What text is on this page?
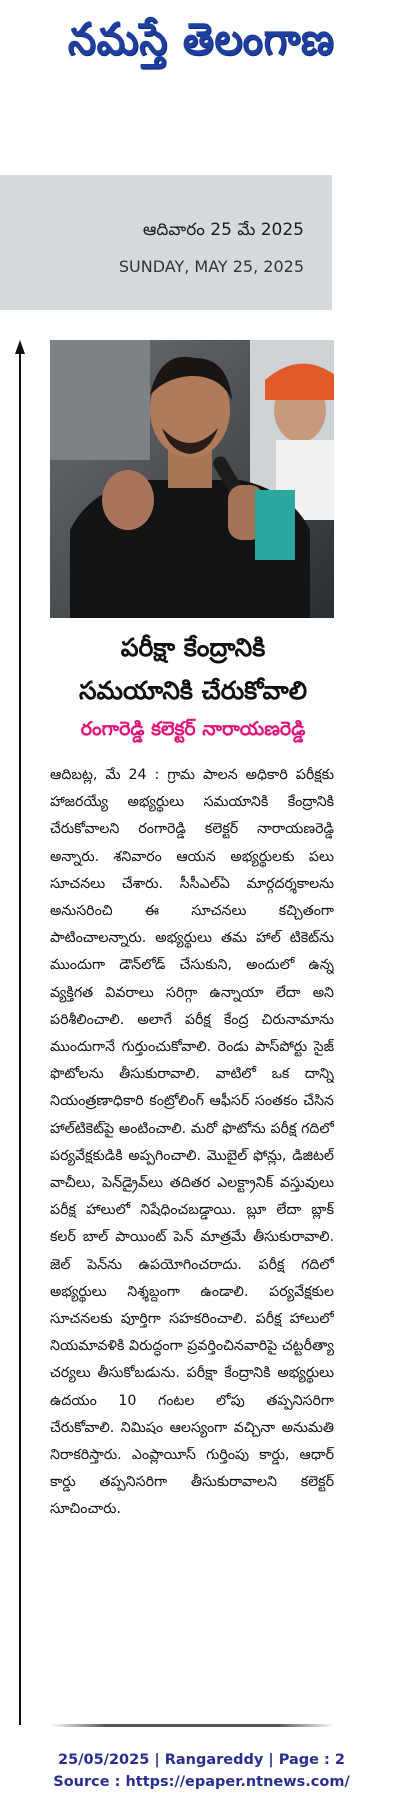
నమస్తే తెలంగాణ
ఆదివారం 25 మే 2025
SUNDAY, MAY 25, 2025
పరీక్షా కేంద్రానికి
సమయానికి చేరుకోవాలి
రంగారెడ్డి కలెక్టర్ నారాయణరెడ్డి
ఆదిబట్ల, మే 24 : గ్రామ పాలన అధికారి పరీక్షకు హాజరయ్యే అభ్యర్థులు సమయానికి కేంద్రానికి చేరుకోవాలని రంగారెడ్డి కలెక్టర్ నారాయణరెడ్డి అన్నారు. శనివారం ఆయన అభ్యర్థులకు పలు సూచనలు చేశారు. సీసీఎల్ఏ మార్గదర్శకాలను అనుసరించి ఈ సూచనలు కచ్చితంగా పాటించాలన్నారు. అభ్యర్థులు తమ హాల్ టికెట్‌ను ముందుగా డౌన్‌లోడ్ చేసుకుని, అందులో ఉన్న వ్యక్తిగత వివరాలు సరిగ్గా ఉన్నాయా లేదా అని పరిశీలించాలి. అలాగే పరీక్ష కేంద్ర చిరునామాను ముందుగానే గుర్తుంచుకోవాలి. రెండు పాస్‌పోర్టు సైజ్ ఫొటోలను తీసుకురావాలి. వాటిలో ఒక దాన్ని నియంత్రణాధికారి కంట్రోలింగ్ ఆఫీసర్ సంతకం చేసిన హాల్‌టికెట్‌పై అంటించాలి. మరో ఫొటోను పరీక్ష గదిలో పర్యవేక్షకుడికి అప్పగించాలి. మొబైల్ ఫోన్లు, డిజిటల్ వాచీలు, పెన్‌డ్రైవ్‌లు తదితర ఎలక్ట్రానిక్ వస్తువులు పరీక్ష హాలులో నిషేధించబడ్డాయి. బ్లూ లేదా బ్లాక్ కలర్ బాల్ పాయింట్ పెన్ మాత్రమే తీసుకురావాలి. జెల్ పెన్‌ను ఉపయోగించరాదు. పరీక్ష గదిలో అభ్యర్థులు నిశ్శబ్దంగా ఉండాలి. పర్యవేక్షకుల సూచనలకు పూర్తిగా సహకరించాలి. పరీక్ష హాలులో నియమావళికి విరుద్ధంగా ప్రవర్తించినవారిపై చట్టరీత్యా చర్యలు తీసుకోబడును. పరీక్షా కేంద్రానికి అభ్యర్థులు ఉదయం 10 గంటల లోపు తప్పనిసరిగా చేరుకోవాలి. నిమిషం ఆలస్యంగా వచ్చినా అనుమతి నిరాకరిస్తారు. ఎంప్లాయీస్ గుర్తింపు కార్డు, ఆధార్ కార్డు తప్పనిసరిగా తీసుకురావాలని కలెక్టర్ సూచించారు.
25/05/2025 | Rangareddy | Page : 2
Source : https://epaper.ntnews.com/
